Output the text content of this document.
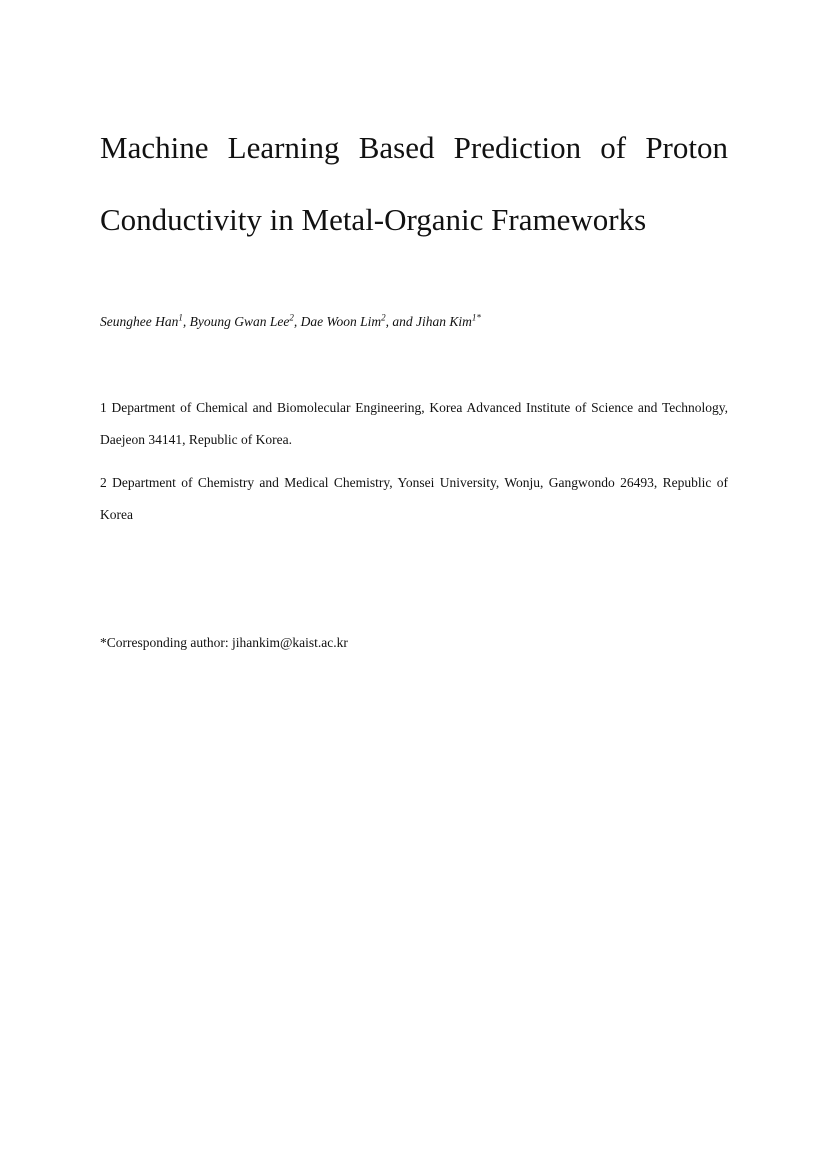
Machine Learning Based Prediction of Proton
Conductivity in Metal-Organic Frameworks
Seunghee Han$^1$, Byoung Gwan Lee$^2$, Dae Woon Lim$^2$, and Jihan Kim$^{1*}$
1 Department of Chemical and Biomolecular Engineering, Korea Advanced Institute of Science and Technology, Daejeon 34141, Republic of Korea.
2 Department of Chemistry and Medical Chemistry, Yonsei University, Wonju, Gangwondo 26493, Republic of Korea
*Corresponding author: jihankim@kaist.ac.kr
